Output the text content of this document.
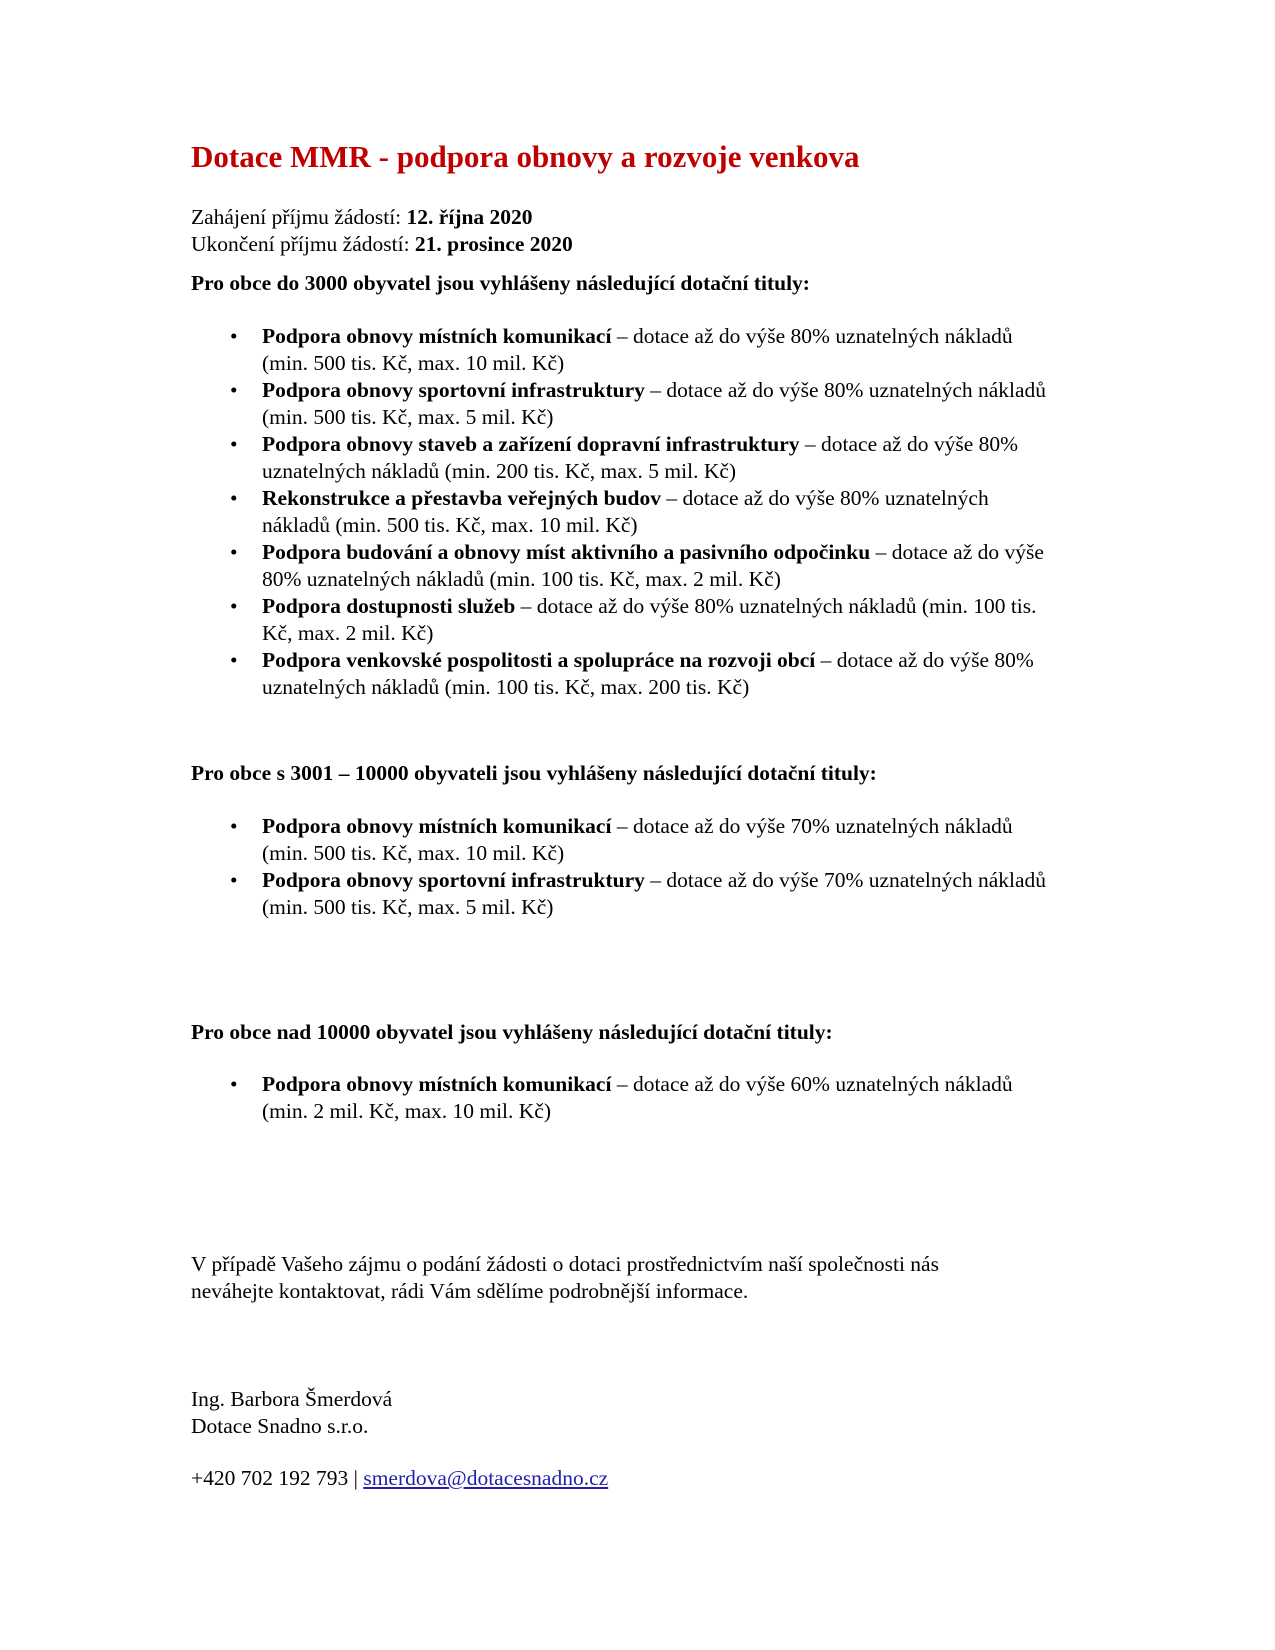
Dotace MMR - podpora obnovy a rozvoje venkova
Zahájení příjmu žádostí: 12. října 2020
Ukončení příjmu žádostí: 21. prosince 2020

Pro obce do 3000 obyvatel jsou vyhlášeny následující dotační tituly:

• Podpora obnovy místních komunikací – dotace až do výše 80% uznatelných nákladů (min. 500 tis. Kč, max. 10 mil. Kč)
• Podpora obnovy sportovní infrastruktury – dotace až do výše 80% uznatelných nákladů (min. 500 tis. Kč, max. 5 mil. Kč)
• Podpora obnovy staveb a zařízení dopravní infrastruktury – dotace až do výše 80% uznatelných nákladů (min. 200 tis. Kč, max. 5 mil. Kč)
• Rekonstrukce a přestavba veřejných budov – dotace až do výše 80% uznatelných nákladů (min. 500 tis. Kč, max. 10 mil. Kč)
• Podpora budování a obnovy míst aktivního a pasivního odpočinku – dotace až do výše 80% uznatelných nákladů (min. 100 tis. Kč, max. 2 mil. Kč)
• Podpora dostupnosti služeb – dotace až do výše 80% uznatelných nákladů (min. 100 tis. Kč, max. 2 mil. Kč)
• Podpora venkovské pospolitosti a spolupráce na rozvoji obcí – dotace až do výše 80% uznatelných nákladů (min. 100 tis. Kč, max. 200 tis. Kč)

Pro obce s 3001 – 10000 obyvateli jsou vyhlášeny následující dotační tituly:

• Podpora obnovy místních komunikací – dotace až do výše 70% uznatelných nákladů (min. 500 tis. Kč, max. 10 mil. Kč)
• Podpora obnovy sportovní infrastruktury – dotace až do výše 70% uznatelných nákladů (min. 500 tis. Kč, max. 5 mil. Kč)

Pro obce nad 10000 obyvatel jsou vyhlášeny následující dotační tituly:

• Podpora obnovy místních komunikací – dotace až do výše 60% uznatelných nákladů (min. 2 mil. Kč, max. 10 mil. Kč)

V případě Vašeho zájmu o podání žádosti o dotaci prostřednictvím naší společnosti nás neváhejte kontaktovat, rádi Vám sdělíme podrobnější informace.

Ing. Barbora Šmerdová
Dotace Snadno s.r.o.
+420 702 192 793 | smerdova@dotacesnadno.cz
